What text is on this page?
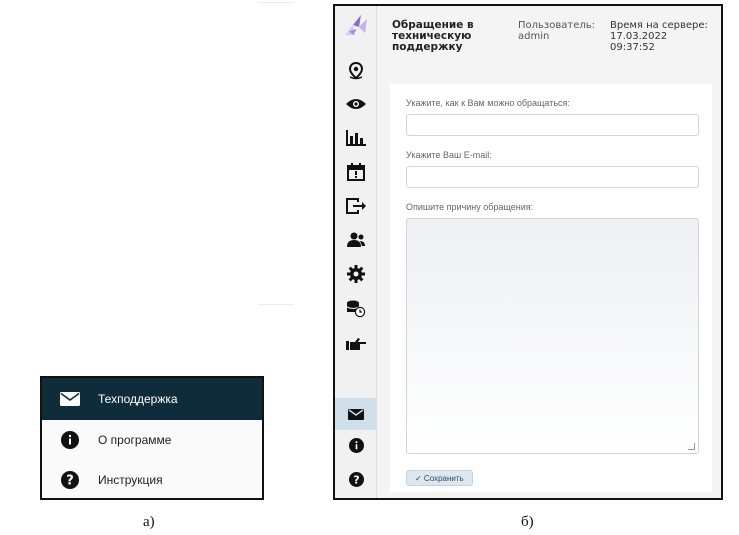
Техподдержка
О программе
? Инструкция
а)
?
Обращение в техническую поддержку
Пользователь:
admin
Время на сервере:
17.03.2022
09:37:52
Укажите, как к Вам можно обращаться:
Укажите Ваш E-mail:
Опишите причину обращения:
✓ Сохранить
б)
